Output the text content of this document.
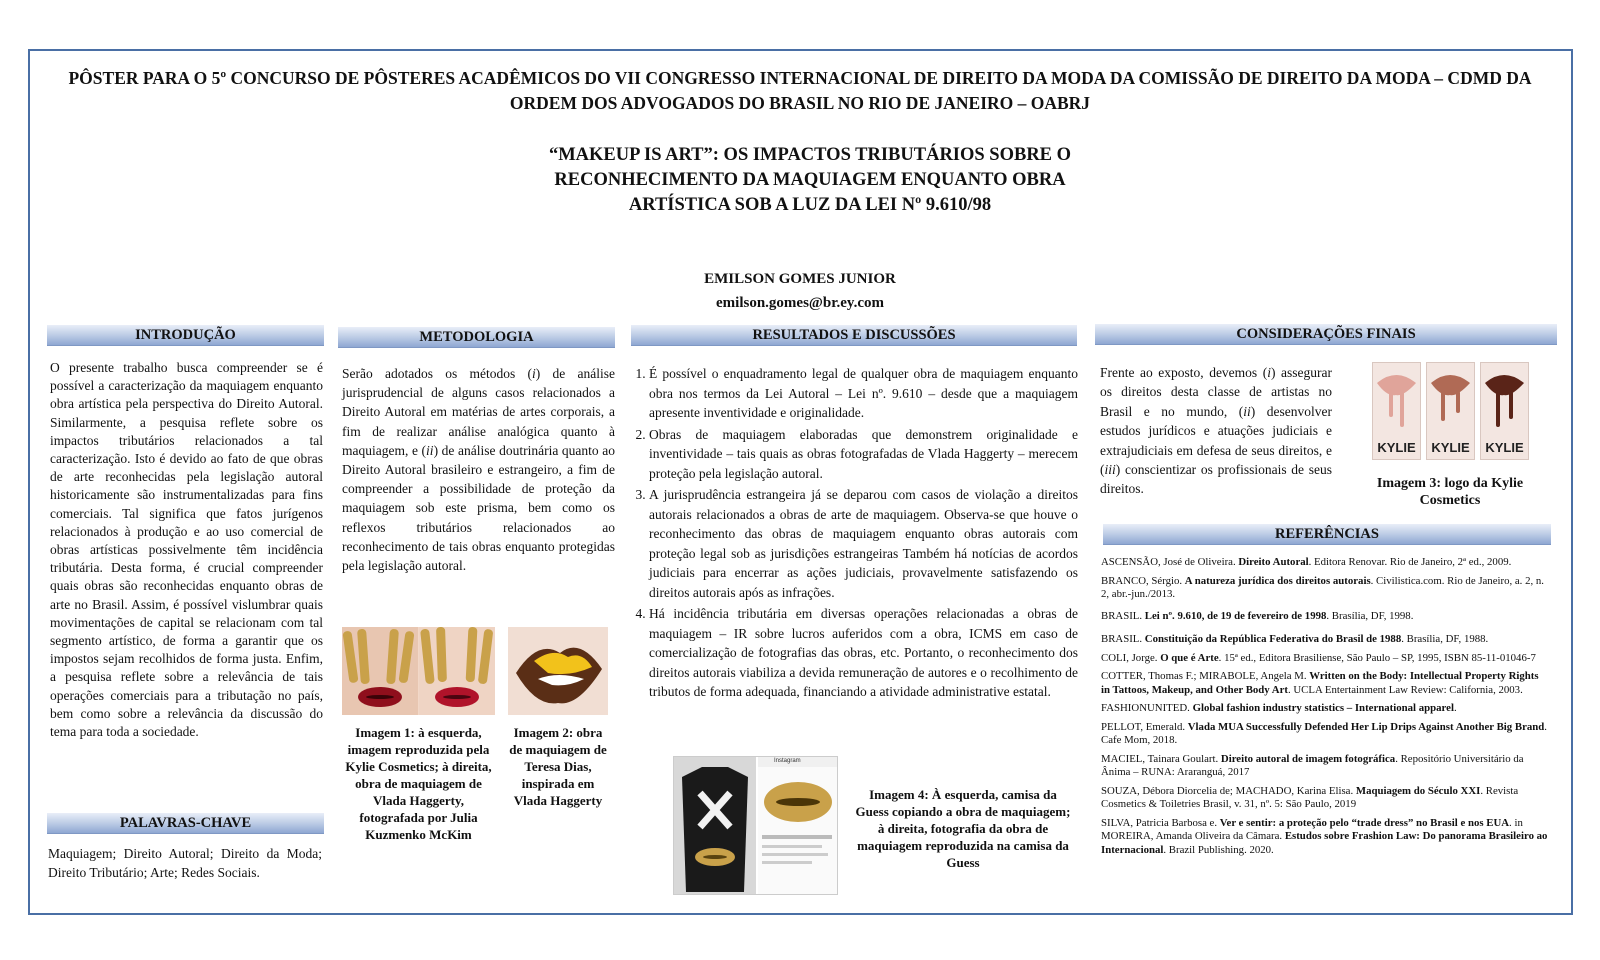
PÔSTER PARA O 5º CONCURSO DE PÔSTERES ACADÊMICOS DO VII CONGRESSO INTERNACIONAL DE DIREITO DA MODA DA COMISSÃO DE DIREITO DA MODA – CDMD DA ORDEM DOS ADVOGADOS DO BRASIL NO RIO DE JANEIRO – OABRJ

“MAKEUP IS ART”: OS IMPACTOS TRIBUTÁRIOS SOBRE O RECONHECIMENTO DA MAQUIAGEM ENQUANTO OBRA ARTÍSTICA SOB A LUZ DA LEI Nº 9.610/98

EMILSON GOMES JUNIOR
emilson.gomes@br.ey.com
INTRODUÇÃO

O presente trabalho busca compreender se é possível a caracterização da maquiagem enquanto obra artística pela perspectiva do Direito Autoral. Similarmente, a pesquisa reflete sobre os impactos tributários relacionados a tal caracterização. Isto é devido ao fato de que obras de arte reconhecidas pela legislação autoral historicamente são instrumentalizadas para fins comerciais. Tal significa que fatos jurígenos relacionados à produção e ao uso comercial de obras artísticas possivelmente têm incidência tributária. Desta forma, é crucial compreender quais obras são reconhecidas enquanto obras de arte no Brasil. Assim, é possível vislumbrar quais movimentações de capital se relacionam com tal segmento artístico, de forma a garantir que os impostos sejam recolhidos de forma justa. Enfim, a pesquisa reflete sobre a relevância de tais operações comerciais para a tributação no país, bem como sobre a relevância da discussão do tema para toda a sociedade.

PALAVRAS-CHAVE

Maquiagem; Direito Autoral; Direito da Moda; Direito Tributário; Arte; Redes Sociais.

METODOLOGIA

Serão adotados os métodos (i) de análise jurisprudencial de alguns casos relacionados a Direito Autoral em matérias de artes corporais, a fim de realizar análise analógica quanto à maquiagem, e (ii) de análise doutrinária quanto ao Direito Autoral brasileiro e estrangeiro, a fim de compreender a possibilidade de proteção da maquiagem sob este prisma, bem como os reflexos tributários relacionados ao reconhecimento de tais obras enquanto protegidas pela legislação autoral.

Imagem 1: à esquerda, imagem reproduzida pela Kylie Cosmetics; à direita, obra de maquiagem de Vlada Haggerty, fotografada por Julia Kuzmenko McKim
Imagem 2: obra de maquiagem de Teresa Dias, inspirada em Vlada Haggerty
RESULTADOS E DISCUSSÕES
1. É possível o enquadramento legal de qualquer obra de maquiagem enquanto obra nos termos da Lei Autoral – Lei nº. 9.610 – desde que a maquiagem apresente inventividade e originalidade.
2. Obras de maquiagem elaboradas que demonstrem originalidade e inventividade – tais quais as obras fotografadas de Vlada Haggerty – merecem proteção pela legislação autoral.
3. A jurisprudência estrangeira já se deparou com casos de violação a direitos autorais relacionados a obras de arte de maquiagem. Observa-se que houve o reconhecimento das obras de maquiagem enquanto obras autorais com proteção legal sob as jurisdições estrangeiras Também há notícias de acordos judiciais para encerrar as ações judiciais, provavelmente satisfazendo os direitos autorais após as infrações.
4. Há incidência tributária em diversas operações relacionadas a obras de maquiagem – IR sobre lucros auferidos com a obra, ICMS em caso de comercialização de fotografias das obras, etc. Portanto, o reconhecimento dos direitos autorais viabiliza a devida remuneração de autores e o recolhimento de tributos de forma adequada, financiando a atividade administrative estatal.
Instagram
Imagem 4: À esquerda, camisa da Guess copiando a obra de maquiagem; à direita, fotografia da obra de maquiagem reproduzida na camisa da Guess
CONSIDERAÇÕES FINAIS

Frente ao exposto, devemos (i) assegurar os direitos desta classe de artistas no Brasil e no mundo, (ii) desenvolver estudos jurídicos e atuações judiciais e extrajudiciais em defesa de seus direitos, e (iii) conscientizar os profissionais de seus direitos.

KYLIE	KYLIE	KYLIE
Imagem 3: logo da Kylie Cosmetics
REFERÊNCIAS
ASCENSÃO, José de Oliveira. Direito Autoral. Editora Renovar. Rio de Janeiro, 2ª ed., 2009.
BRANCO, Sérgio. A natureza jurídica dos direitos autorais. Civilistica.com. Rio de Janeiro, a. 2, n. 2, abr.-jun./2013.
BRASIL. Lei nº. 9.610, de 19 de fevereiro de 1998. Brasília, DF, 1998.
BRASIL. Constituição da República Federativa do Brasil de 1988. Brasília, DF, 1988.
COLI, Jorge. O que é Arte. 15ª ed., Editora Brasiliense, São Paulo – SP, 1995, ISBN 85-11-01046-7
COTTER, Thomas F.; MIRABOLE, Angela M. Written on the Body: Intellectual Property Rights in Tattoos, Makeup, and Other Body Art. UCLA Entertainment Law Review: California, 2003.
FASHIONUNITED. Global fashion industry statistics – International apparel.
PELLOT, Emerald. Vlada MUA Successfully Defended Her Lip Drips Against Another Big Brand. Cafe Mom, 2018.
MACIEL, Tainara Goulart. Direito autoral de imagem fotográfica. Repositório Universitário da Ânima – RUNA: Araranguá, 2017
SOUZA, Débora Diorcelia de; MACHADO, Karina Elisa. Maquiagem do Século XXI. Revista Cosmetics & Toiletries Brasil, v. 31, nº. 5: São Paulo, 2019
SILVA, Patricia Barbosa e. Ver e sentir: a proteção pelo “trade dress” no Brasil e nos EUA. in MOREIRA, Amanda Oliveira da Câmara. Estudos sobre Frashion Law: Do panorama Brasileiro ao Internacional. Brazil Publishing. 2020.
